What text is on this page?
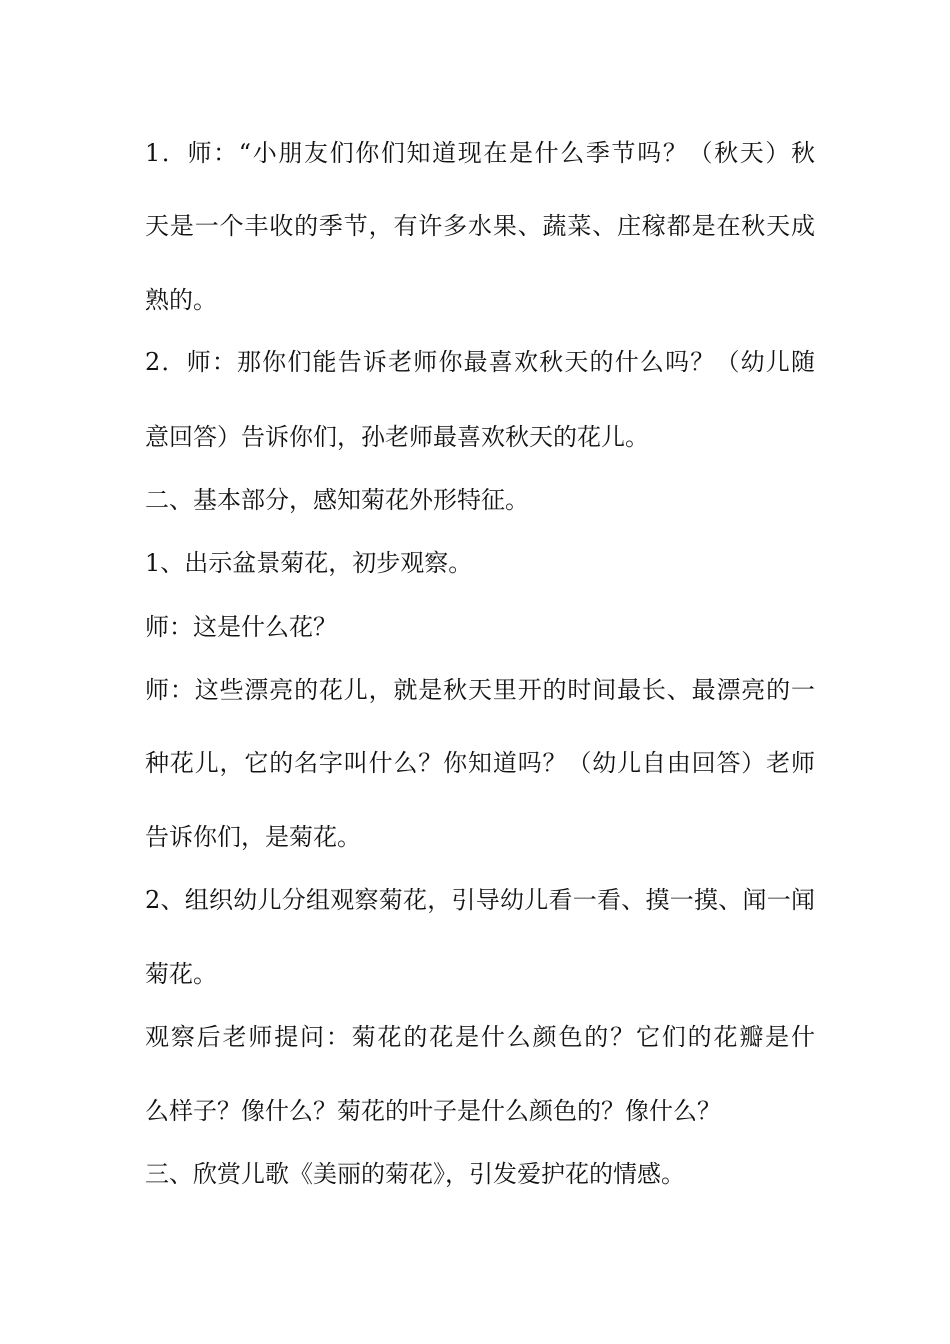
1．师：“小朋友们你们知道现在是什么季节吗？（秋天）秋
天是一个丰收的季节，有许多水果、蔬菜、庄稼都是在秋天成
熟的。
2．师：那你们能告诉老师你最喜欢秋天的什么吗？（幼儿随
意回答）告诉你们，孙老师最喜欢秋天的花儿。
二、基本部分，感知菊花外形特征。
1、出示盆景菊花，初步观察。
师：这是什么花？
师：这些漂亮的花儿，就是秋天里开的时间最长、最漂亮的一
种花儿，它的名字叫什么？你知道吗？（幼儿自由回答）老师
告诉你们，是菊花。
2、组织幼儿分组观察菊花，引导幼儿看一看、摸一摸、闻一闻
菊花。
观察后老师提问：菊花的花是什么颜色的？它们的花瓣是什
么样子？像什么？菊花的叶子是什么颜色的？像什么？
三、欣赏儿歌《美丽的菊花》，引发爱护花的情感。
